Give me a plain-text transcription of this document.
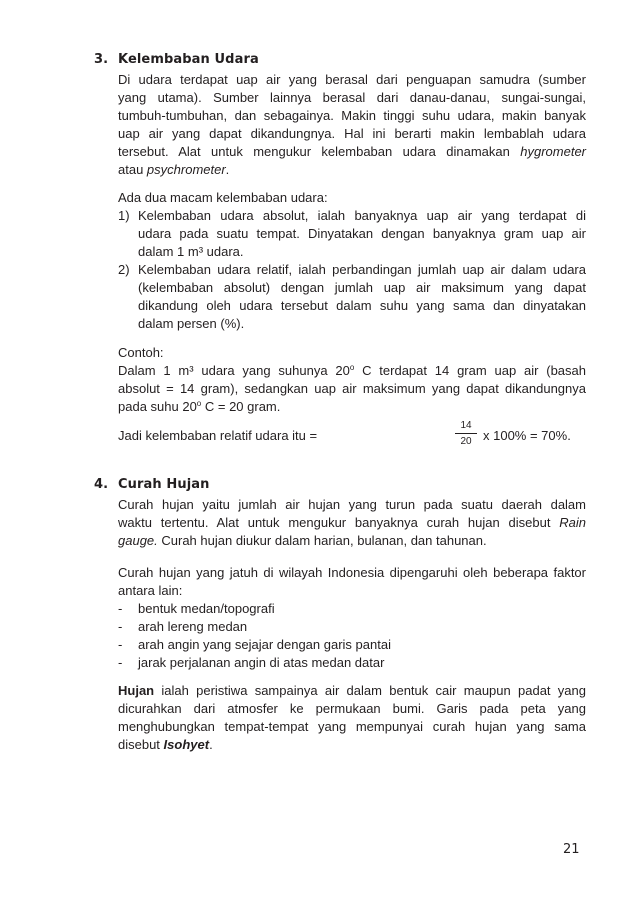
3. Kelembaban Udara
Di udara terdapat uap air yang berasal dari penguapan samudra (sumber
yang utama). Sumber lainnya berasal dari danau-danau, sungai-sungai,
tumbuh-tumbuhan, dan sebagainya. Makin tinggi suhu udara, makin banyak
uap air yang dapat dikandungnya. Hal ini berarti makin lembablah udara
tersebut. Alat untuk mengukur kelembaban udara dinamakan hygrometer
atau psychrometer.
Ada dua macam kelembaban udara:
1) Kelembaban udara absolut, ialah banyaknya uap air yang terdapat di
udara pada suatu tempat. Dinyatakan dengan banyaknya gram uap air
dalam 1 m³ udara.
2) Kelembaban udara relatif, ialah perbandingan jumlah uap air dalam udara
(kelembaban absolut) dengan jumlah uap air maksimum yang dapat
dikandung oleh udara tersebut dalam suhu yang sama dan dinyatakan
dalam persen (%).
Contoh:
Dalam 1 m³ udara yang suhunya 20$^o$ C terdapat 14 gram uap air (basah
absolut = 14 gram), sedangkan uap air maksimum yang dapat dikandungnya
pada suhu 20$^o$ C = 20 gram.
Jadi kelembaban relatif udara itu =
14
20 x 100% = 70%.
4. Curah Hujan
Curah hujan yaitu jumlah air hujan yang turun pada suatu daerah dalam
waktu tertentu. Alat untuk mengukur banyaknya curah hujan disebut Rain
gauge. Curah hujan diukur dalam harian, bulanan, dan tahunan.
Curah hujan yang jatuh di wilayah Indonesia dipengaruhi oleh beberapa faktor
antara lain:
- bentuk medan/topografi
- arah lereng medan
- arah angin yang sejajar dengan garis pantai
- jarak perjalanan angin di atas medan datar
Hujan ialah peristiwa sampainya air dalam bentuk cair maupun padat yang
dicurahkan dari atmosfer ke permukaan bumi. Garis pada peta yang
menghubungkan tempat-tempat yang mempunyai curah hujan yang sama
disebut Isohyet.
21
